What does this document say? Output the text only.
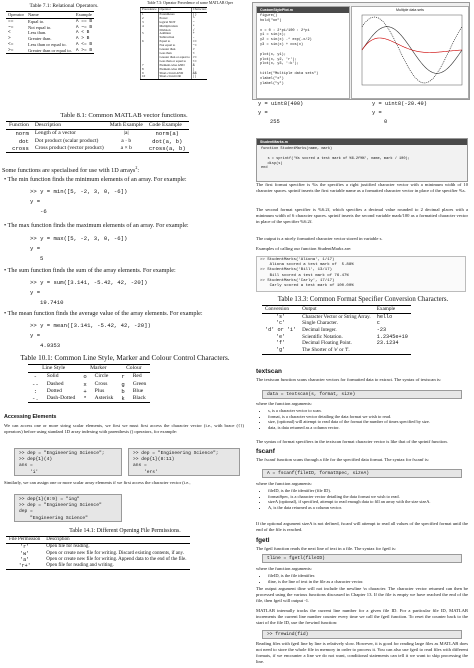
Table 7.1: Relational Operators.
Operator	Name	Example
==	Equal to.	A == B
~=	Not equal to.	A ~= B
<	Less than.	A < B
>	Greater than.	A > B
<=	Less than or equal to.	A <= B
>=	Greater than or equal to.	A >= B
Table 7.3: Operator Precedence of some MATLAB Oper
Precedence	Operator	Characters
1	Parentheses	()
2	Power	^
3	logical NOT	~
4	Multiplication	*
	Division	/
5	Addition	+
	Subtraction	-
6	Equal to	==
	Not equal to	~=
	Greater than	>
	Less than	<
	Greater than or equal to	>=
	Less than or equal to	<=
7	Element-wise AND	&
8	Element-wise OR	|
9	Short-circuit AND	&&
10	Short-circuit OR	||
Table 8.1: Common MATLAB vector functions.
Function	Description	Math Example	Code Example
norm	Length of a vector	|a|	norm(a)
dot	Dot product (scalar product)	a · b	dot(a, b)
cross	Cross product (vector product)	a × b	cross(a, b)
Some functions are specialised for use with 1D arrays$^2$:
• The min function finds the minimum elements of an array. For example:
>> y = min([5, -2, 3, 0, -6])
y =
-6
• The max function finds the maximum elements of an array. For example:
>> y = max([5, -2, 3, 0, -6])
y =
5
• The sum function finds the sum of the array elements. For example:
>> y = sum([3.141, -5.42, 42, -20])
y =
19.7410
• The mean function finds the average value of the array elements. For example:
>> y = mean([3.141, -5.42, 42, -20])
y =
4.9353
Table 10.1: Common Line Style, Marker and Colour Control Characters.
Line Style		Marker		Colour	
-	Solid	o	Circle	r	Red
--	Dashed	x	Cross	g	Green
:	Dotted	+	Plus	b	Blue
-.	Dash-Dotted	*	Asterisk	k	Black
Accessing Elements
We can access one or more string scalar elements, we first we must first access the character vector (i.e., with brace ({}) operators) before using standard 1D array indexing with parenthesis () operators, for example:
>> dep = "Engineering Science";
>> dep{1}(4)
ans =
'i'
>> dep = "Engineering Science";
>> dep{1}(8:11)
ans =
'ers'
Similarly, we can assign one or more scalar array elements if we first access the character vector (i.e.,
>> dep{1}(8:9) = "ing"
>> dep = "Engineering Science"
dep =
"Engineering Science"
Table 14.1: Different Opening File Permissions.
File Permission	Description
'r'	Open file for reading.
'w'	Open or create new file for writing. Discard existing contents, if any.
'a'	Open or create new file for writing. Append data to the end of the file.
'r+'	Open file for reading and writing.
CustomStylePlot.m
figure()
hold("on")

x = 0 : 2*pi/100 : 2*pi
y1 = sin(x);
y2 = sin(x) .* exp(-x/2)
y3 = sin(x) + cos(x)

plot(x, y1);
plot(x, y2, 'r');
plot(x, y3, ':k');

title("Multiple data sets")
xlabel("x")
ylabel("y")
Multiple data sets
y = uint8(400)
y =
255
y = uint8(-20.49)
y =
0
StudentMarks.m
function StudentMarks(name, mark)

s = sprintf('%s scored a test mark of %6.2f%%', name, mark / 100);
disp(s)
end
The first format specifier is %s the specifies a right justified character vector with a minimum width of 10 character spaces. sprintf inserts the first variable name as a formatted character vector in place of the specifier %s.
The second format specifier is %6.2f, which specifies a decimal value rounded to 2 decimal places with a minimum width of 6 character spaces. sprintf inserts the second variable mark/100 as a formatted character vector in place of the specifier %6.2f.
The output is a nicely formatted character vector stored in variable s.
Examples of calling our function StudentMarks are:
>> StudentMarks('Aliona', 1/17)
Aliona scored a test mark of  5.88%
>> StudentMarks('Bill', 13/17)
Bill scored a test mark of 76.47%
>> StudentMarks('Carly', 17/17)
Carly scored a test mark of 100.00%
Table 13.3: Common Format Specifier Conversion Characters.
Conversion	Output	Example
's'	Character Vector or String Array.	hello
'c'	Single Character.	c
'd' or 'i'	Decimal Integer.	-23
'e'	Scientific Notation.	1.2345e+10
'f'	Decimal Floating Point.	23.1234
'g'	The Shorter of 'e' or 'f'.	
textscan
The textscan function scans character vectors for formatted data to extract. The syntax of textscan is:
data = textscan(s, format, size)
where the function arguments:
• s, is a character vector to scan.
• format, is a character vector detailing the data format we wish to read.
• size, (optional) will attempt to read data of the format the number of times specified by size.
• data, is data returned as a column vector.
The syntax of format specifiers in the textscan format character vector is like that of the sprintf function.
fscanf
The fscanf function scans through a file for the specified data format. The syntax for fscanf is:
A = fscanf(fileID, formatSpec, sizeA)
where the function arguments:
• fileID, is the file identifier (file ID).
• formatSpec, is a character vector detailing the data format we wish to read.
• sizeA (optional), if specified, attempt to read enough data to fill an array with the size sizeA.
• A, is the data returned as a column vector.
If the optional argument sizeA is not defined, fscanf will attempt to read all values of the specified format until the end of the file is reached.
fgetl
The fgetl function reads the next line of text in a file. The syntax for fgetl is:
tline = fgetl(fileID)
where the function arguments:
• fileID, is the file identifier.
• tline, is the line of text in the file as a character vector.
The output argument tline will not include the newline \n character. The character vector returned can then be processed using the various functions discussed in Chapter 13. If the file is empty we have reached the end of the file, then fgetl will output -1.
MATLAB internally tracks the current line number for a given file ID. For a particular file ID, MATLAB increments the current line number counter every time we call the fgetl function. To reset the counter back to the start of the file ID, use the frewind function:
>> frewind(fid)
Reading files with fgetl line by line is relatively slow. However, it is good for reading large files as MATLAB does not need to store the whole file in memory in order to process it. You can also use fgetl to read files with different formats, if we encounter a line we do not want, conditional statements can tell it we want to skip processing the line.
